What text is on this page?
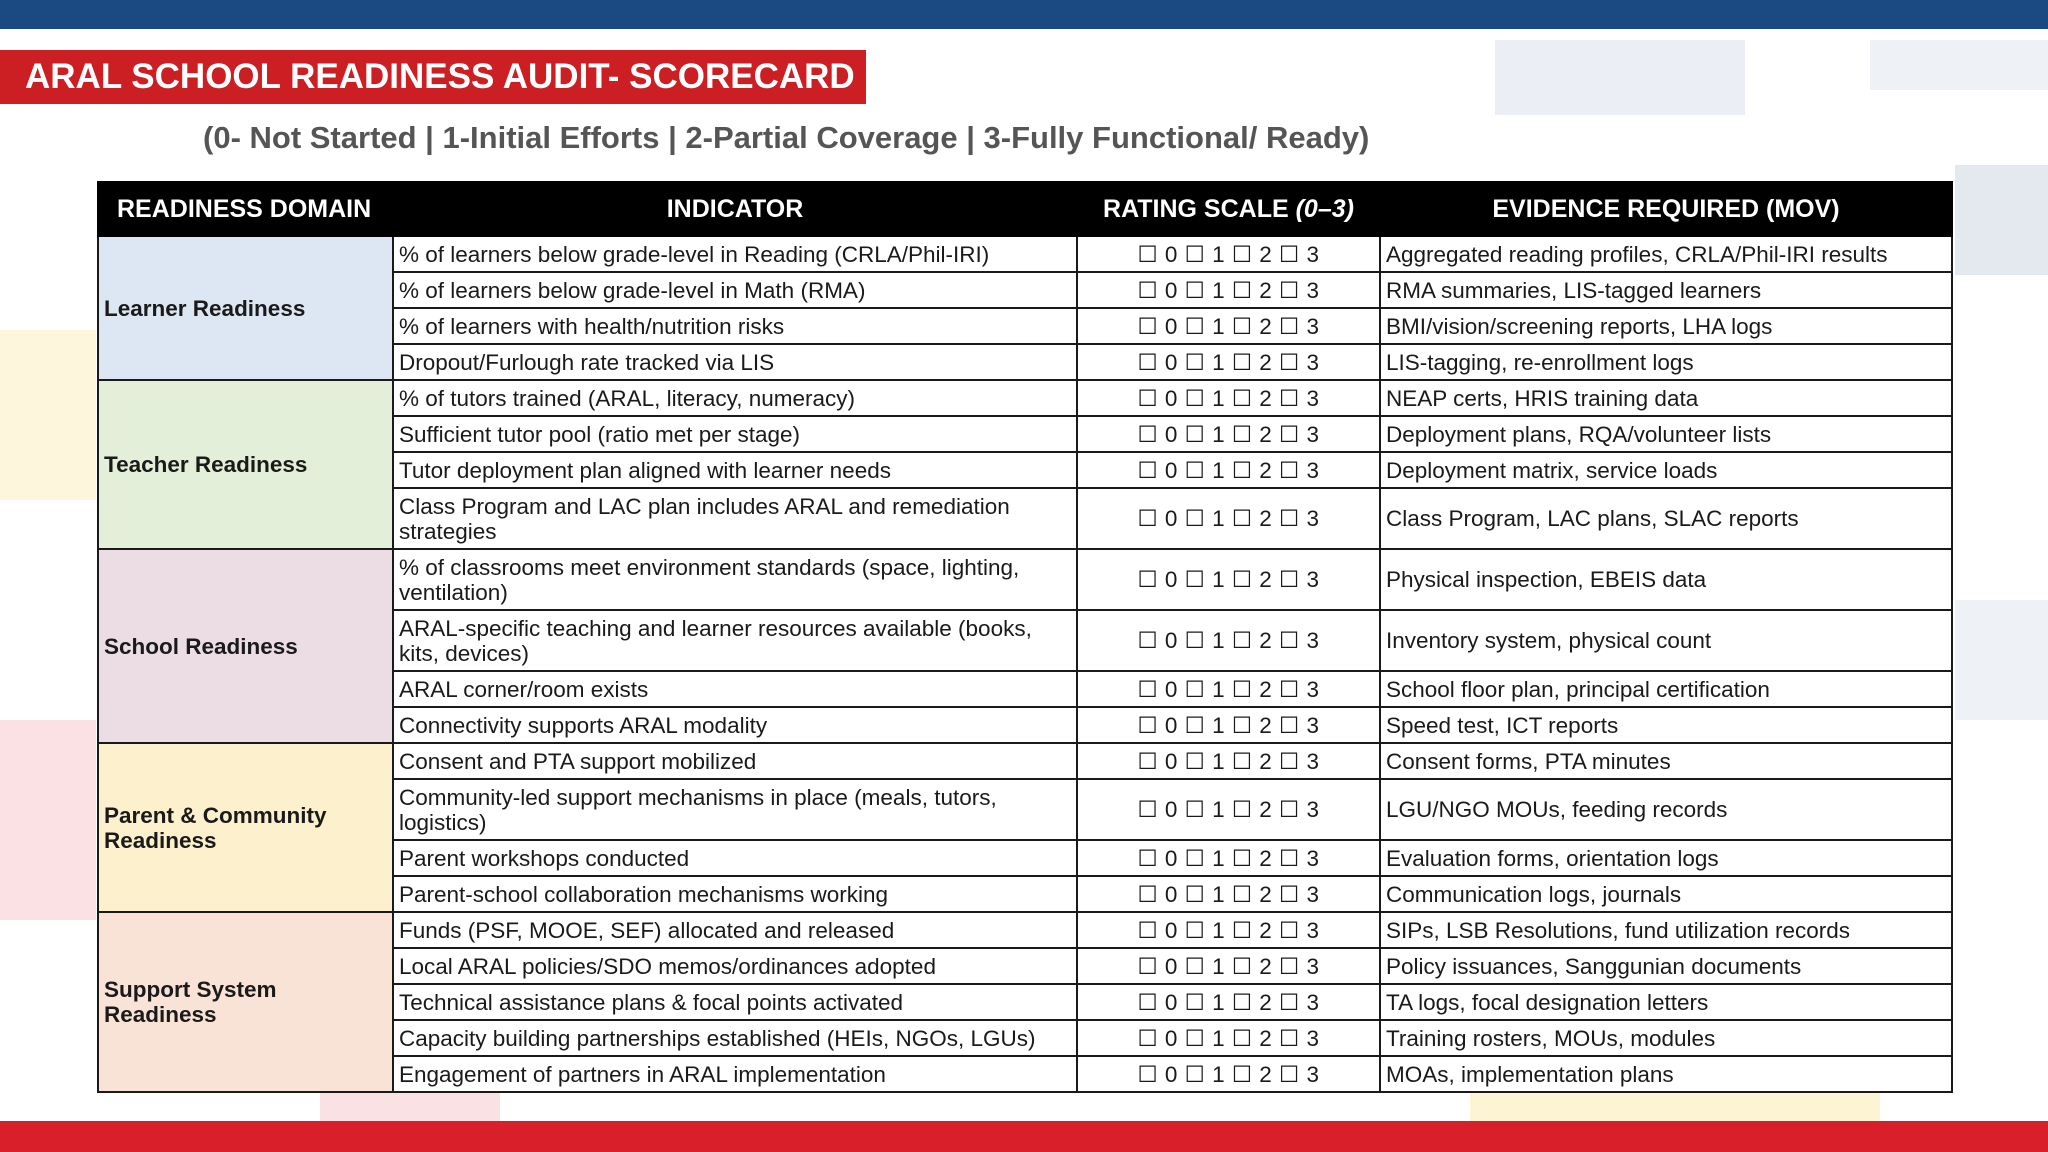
ARAL SCHOOL READINESS AUDIT- SCORECARD
(0- Not Started | 1-Initial Efforts | 2-Partial Coverage | 3-Fully Functional/ Ready)
READINESS DOMAIN	INDICATOR	RATING SCALE (0–3)	EVIDENCE REQUIRED (MOV)
Learner Readiness	% of learners below grade-level in Reading (CRLA/Phil-IRI)	☐ 0 ☐ 1 ☐ 2 ☐ 3	Aggregated reading profiles, CRLA/Phil-IRI results
	% of learners below grade-level in Math (RMA)	☐ 0 ☐ 1 ☐ 2 ☐ 3	RMA summaries, LIS-tagged learners
	% of learners with health/nutrition risks	☐ 0 ☐ 1 ☐ 2 ☐ 3	BMI/vision/screening reports, LHA logs
	Dropout/Furlough rate tracked via LIS	☐ 0 ☐ 1 ☐ 2 ☐ 3	LIS-tagging, re-enrollment logs
Teacher Readiness	% of tutors trained (ARAL, literacy, numeracy)	☐ 0 ☐ 1 ☐ 2 ☐ 3	NEAP certs, HRIS training data
	Sufficient tutor pool (ratio met per stage)	☐ 0 ☐ 1 ☐ 2 ☐ 3	Deployment plans, RQA/volunteer lists
	Tutor deployment plan aligned with learner needs	☐ 0 ☐ 1 ☐ 2 ☐ 3	Deployment matrix, service loads
	Class Program and LAC plan includes ARAL and remediation strategies	☐ 0 ☐ 1 ☐ 2 ☐ 3	Class Program, LAC plans, SLAC reports
School Readiness	% of classrooms meet environment standards (space, lighting, ventilation)	☐ 0 ☐ 1 ☐ 2 ☐ 3	Physical inspection, EBEIS data
	ARAL-specific teaching and learner resources available (books, kits, devices)	☐ 0 ☐ 1 ☐ 2 ☐ 3	Inventory system, physical count
	ARAL corner/room exists	☐ 0 ☐ 1 ☐ 2 ☐ 3	School floor plan, principal certification
	Connectivity supports ARAL modality	☐ 0 ☐ 1 ☐ 2 ☐ 3	Speed test, ICT reports
Parent & Community Readiness	Consent and PTA support mobilized	☐ 0 ☐ 1 ☐ 2 ☐ 3	Consent forms, PTA minutes
	Community-led support mechanisms in place (meals, tutors, logistics)	☐ 0 ☐ 1 ☐ 2 ☐ 3	LGU/NGO MOUs, feeding records
	Parent workshops conducted	☐ 0 ☐ 1 ☐ 2 ☐ 3	Evaluation forms, orientation logs
	Parent-school collaboration mechanisms working	☐ 0 ☐ 1 ☐ 2 ☐ 3	Communication logs, journals
Support System Readiness	Funds (PSF, MOOE, SEF) allocated and released	☐ 0 ☐ 1 ☐ 2 ☐ 3	SIPs, LSB Resolutions, fund utilization records
	Local ARAL policies/SDO memos/ordinances adopted	☐ 0 ☐ 1 ☐ 2 ☐ 3	Policy issuances, Sanggunian documents
	Technical assistance plans & focal points activated	☐ 0 ☐ 1 ☐ 2 ☐ 3	TA logs, focal designation letters
	Capacity building partnerships established (HEIs, NGOs, LGUs)	☐ 0 ☐ 1 ☐ 2 ☐ 3	Training rosters, MOUs, modules
	Engagement of partners in ARAL implementation	☐ 0 ☐ 1 ☐ 2 ☐ 3	MOAs, implementation plans
